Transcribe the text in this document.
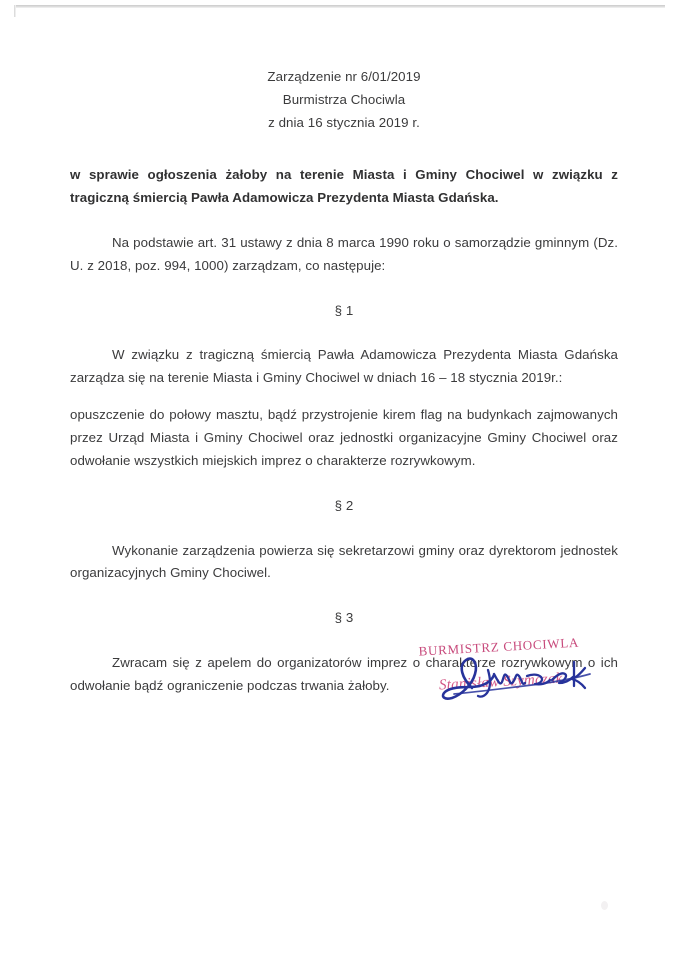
Zarządzenie nr 6/01/2019
Burmistrza Chociwla
z dnia 16 stycznia 2019 r.

w sprawie ogłoszenia żałoby na terenie Miasta i Gminy Chociwel w związku z tragiczną śmiercią Pawła Adamowicza Prezydenta Miasta Gdańska.

Na podstawie art. 31 ustawy z dnia 8 marca 1990 roku o samorządzie gminnym (Dz. U. z 2018, poz. 994, 1000) zarządzam, co następuje:

§ 1

W związku z tragiczną śmiercią Pawła Adamowicza Prezydenta Miasta Gdańska zarządza się na terenie Miasta i Gminy Chociwel w dniach 16 – 18 stycznia 2019r.:

opuszczenie do połowy masztu, bądź przystrojenie kirem flag na budynkach zajmowanych przez Urząd Miasta i Gminy Chociwel oraz jednostki organizacyjne Gminy Chociwel oraz odwołanie wszystkich miejskich imprez o charakterze rozrywkowym.

§ 2

Wykonanie zarządzenia powierza się sekretarzowi gminy oraz dyrektorom jednostek organizacyjnych Gminy Chociwel.

§ 3

Zwracam się z apelem do organizatorów imprez o charakterze rozrywkowym o ich odwołanie bądź ograniczenie podczas trwania żałoby.

BURMISTRZ CHOCIWLA
Stanisław Szymczak
